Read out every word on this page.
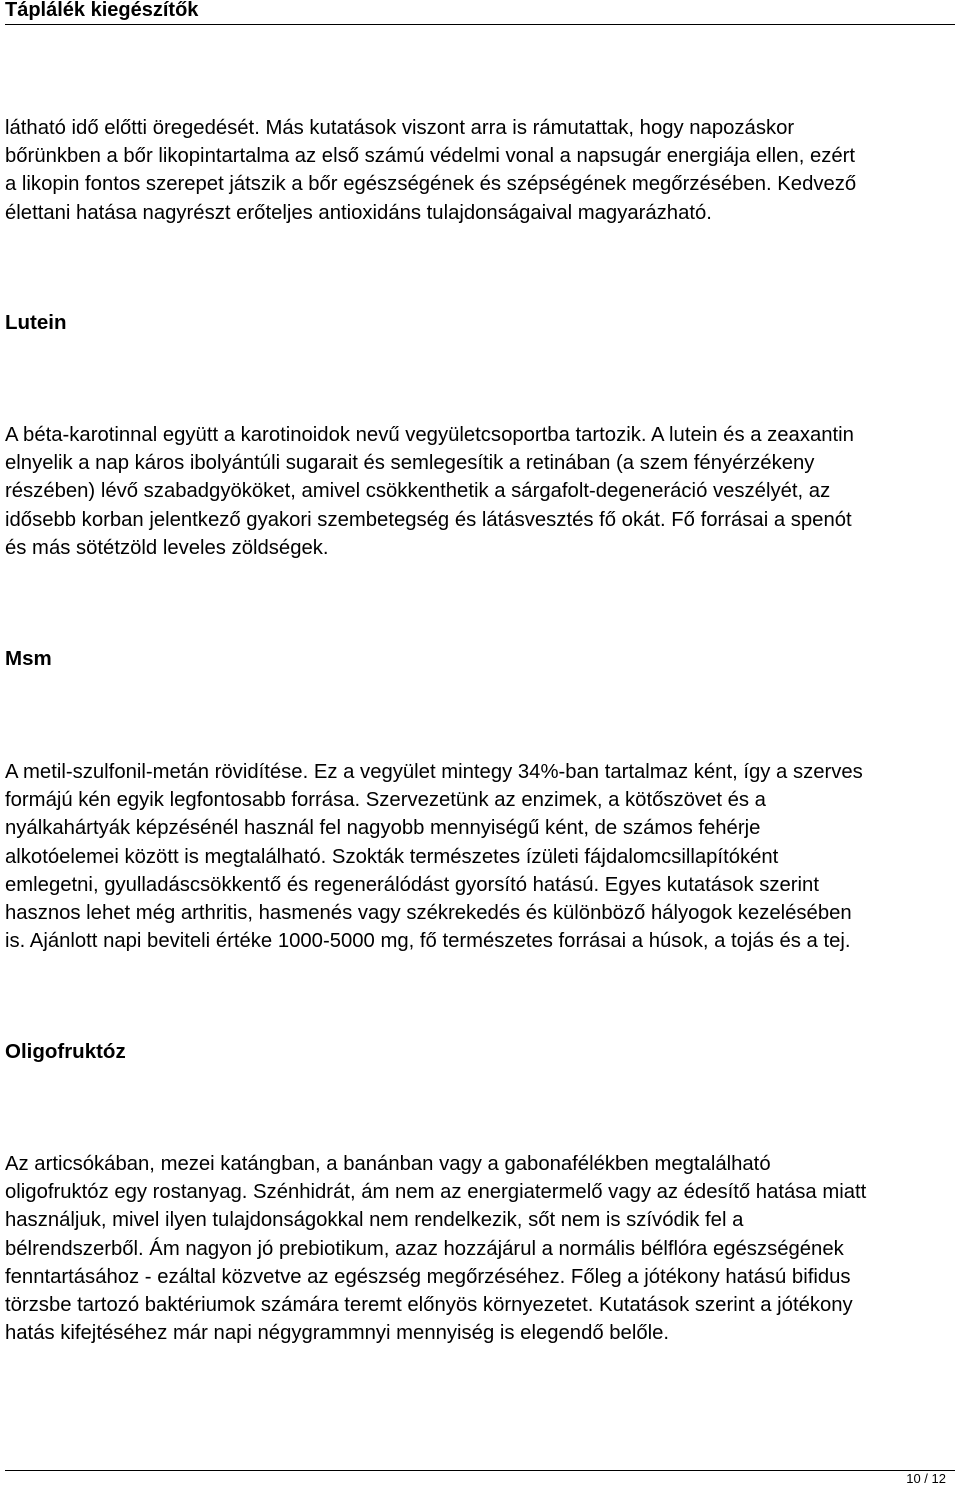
Táplálék kiegészítők

látható idő előtti öregedését. Más kutatások viszont arra is rámutattak, hogy napozáskor
bőrünkben a bőr likopintartalma az első számú védelmi vonal a napsugár energiája ellen, ezért
a likopin fontos szerepet játszik a bőr egészségének és szépségének megőrzésében. Kedvező
élettani hatása nagyrészt erőteljes antioxidáns tulajdonságaival magyarázható.

Lutein

A béta-karotinnal együtt a karotinoidok nevű vegyületcsoportba tartozik. A lutein és a zeaxantin
elnyelik a nap káros ibolyántúli sugarait és semlegesítik a retinában (a szem fényérzékeny
részében) lévő szabadgyököket, amivel csökkenthetik a sárgafolt-degeneráció veszélyét, az
idősebb korban jelentkező gyakori szembetegség és látásvesztés fő okát. Fő forrásai a spenót
és más sötétzöld leveles zöldségek.

Msm

A metil-szulfonil-metán rövidítése. Ez a vegyület mintegy 34%-ban tartalmaz ként, így a szerves
formájú kén egyik legfontosabb forrása. Szervezetünk az enzimek, a kötőszövet és a
nyálkahártyák képzésénél használ fel nagyobb mennyiségű ként, de számos fehérje
alkotóelemei között is megtalálható. Szokták természetes ízületi fájdalomcsillapítóként
emlegetni, gyulladáscsökkentő és regenerálódást gyorsító hatású. Egyes kutatások szerint
hasznos lehet még arthritis, hasmenés vagy székrekedés és különböző hályogok kezelésében
is. Ajánlott napi beviteli értéke 1000-5000 mg, fő természetes forrásai a húsok, a tojás és a tej.

Oligofruktóz

Az articsókában, mezei katángban, a banánban vagy a gabonafélékben megtalálható
oligofruktóz egy rostanyag. Szénhidrát, ám nem az energiatermelő vagy az édesítő hatása miatt
használjuk, mivel ilyen tulajdonságokkal nem rendelkezik, sőt nem is szívódik fel a
bélrendszerből. Ám nagyon jó prebiotikum, azaz hozzájárul a normális bélflóra egészségének
fenntartásához - ezáltal közvetve az egészség megőrzéséhez. Főleg a jótékony hatású bifidus
törzsbe tartozó baktériumok számára teremt előnyös környezetet. Kutatások szerint a jótékony
hatás kifejtéséhez már napi négygrammnyi mennyiség is elegendő belőle.

10 / 12
